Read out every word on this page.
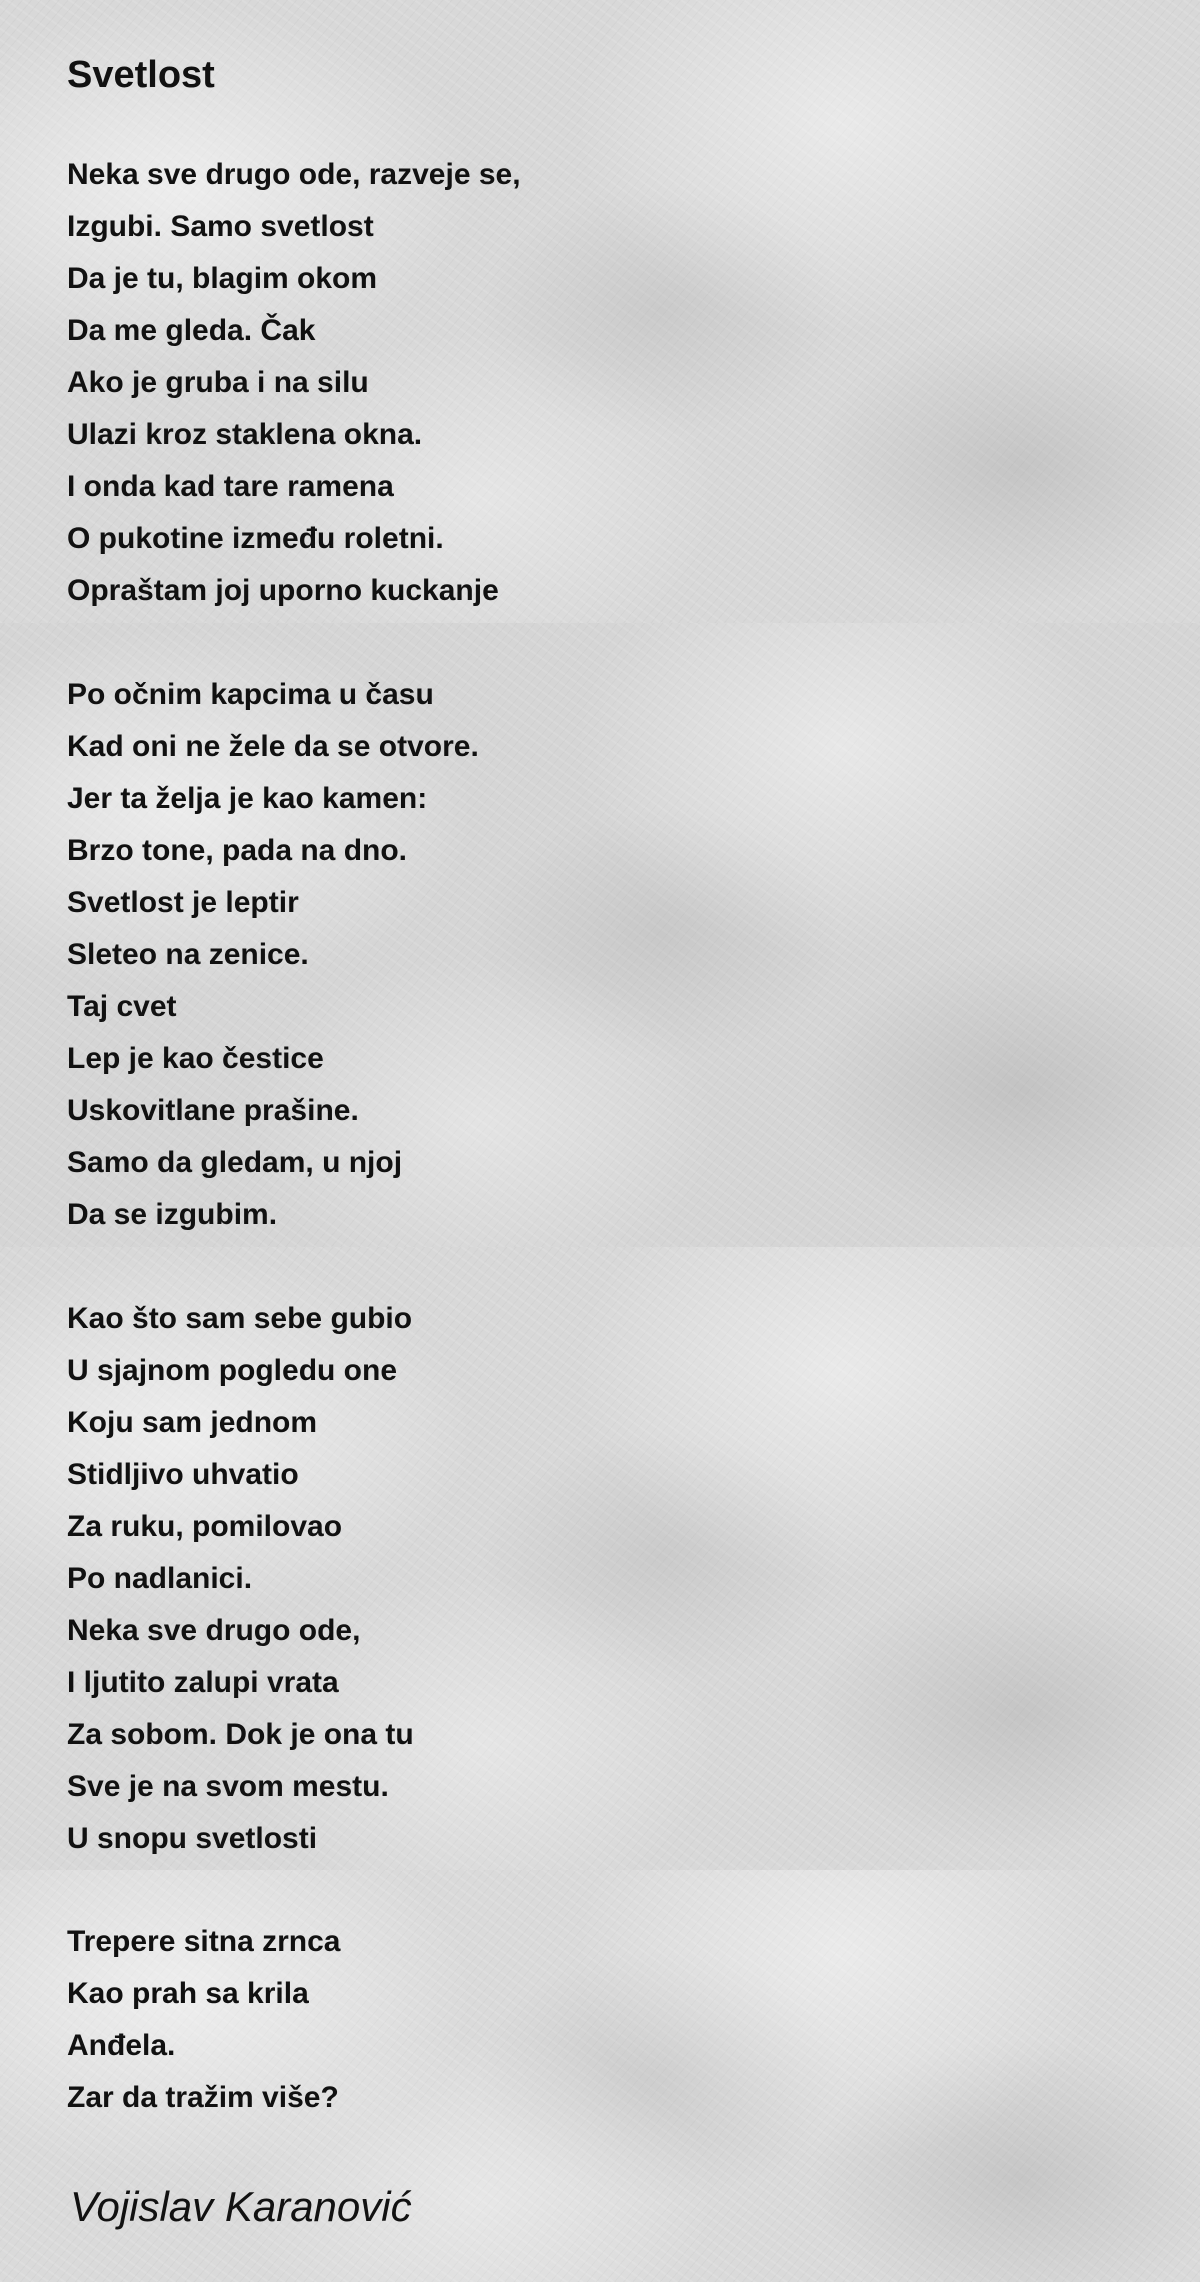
Svetlost

Neka sve drugo ode, razveje se,

Izgubi. Samo svetlost

Da je tu, blagim okom

Da me gleda. Čak

Ako je gruba i na silu

Ulazi kroz staklena okna.

I onda kad tare ramena

O pukotine između roletni.

Opraštam joj uporno kuckanje

Po očnim kapcima u času

Kad oni ne žele da se otvore.

Jer ta želja je kao kamen:

Brzo tone, pada na dno.

Svetlost je leptir

Sleteo na zenice.

Taj cvet

Lep je kao čestice

Uskovitlane prašine.

Samo da gledam, u njoj

Da se izgubim.

Kao što sam sebe gubio

U sjajnom pogledu one

Koju sam jednom

Stidljivo uhvatio

Za ruku, pomilovao

Po nadlanici.

Neka sve drugo ode,

I ljutito zalupi vrata

Za sobom. Dok je ona tu

Sve je na svom mestu.

U snopu svetlosti

Trepere sitna zrnca

Kao prah sa krila

Anđela.

Zar da tražim više?

Vojislav Karanović
